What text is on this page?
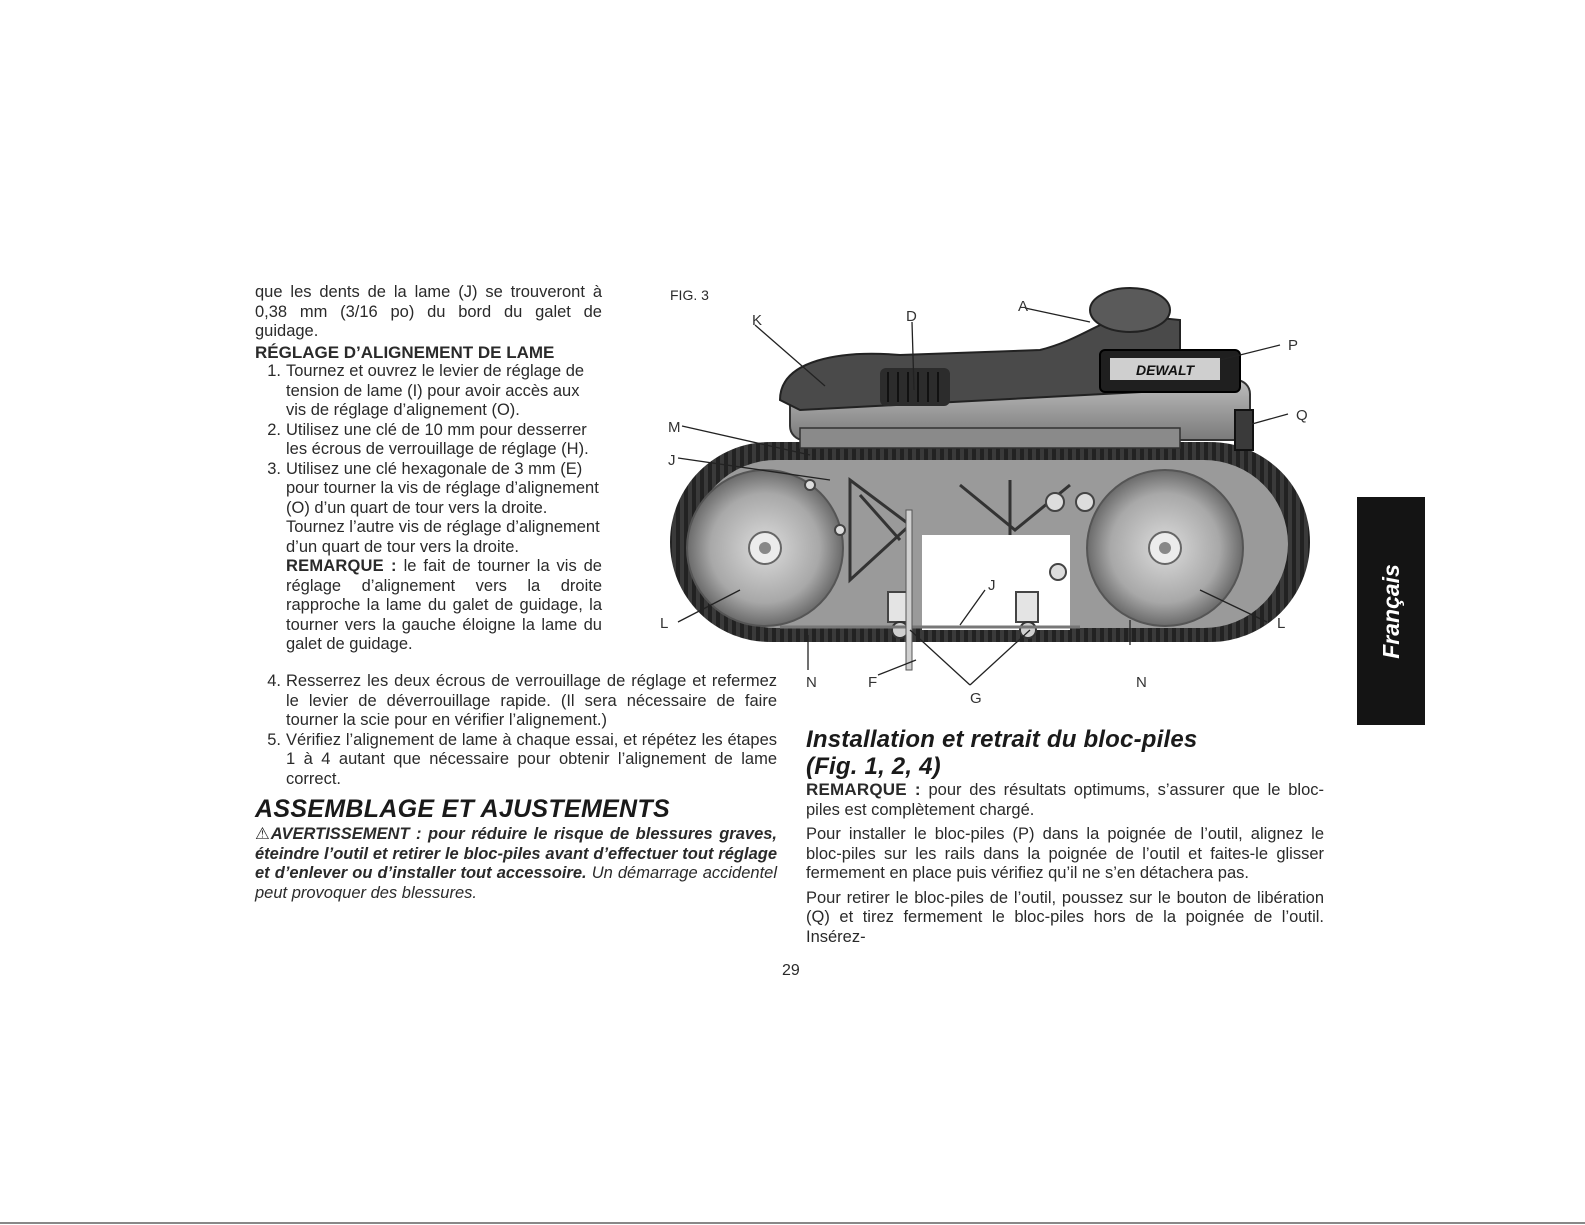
que les dents de la lame (J) se trouveront à 0,38 mm (3/16 po) du bord du galet de guidage.

RÉGLAGE D’ALIGNEMENT DE LAME

1. Tournez et ouvrez le levier de réglage de tension de lame (I) pour avoir accès aux vis de réglage d’alignement (O).
2. Utilisez une clé de 10 mm pour desserrer les écrous de verrouillage de réglage (H).
3. Utilisez une clé hexagonale de 3 mm (E) pour tourner la vis de réglage d’alignement (O) d’un quart de tour vers la droite. Tournez l’autre vis de réglage d’alignement d’un quart de tour vers la droite.

REMARQUE : le fait de tourner la vis de réglage d’alignement vers la droite rapproche la lame du galet de guidage, la tourner vers la gauche éloigne la lame du galet de guidage.

4. Resserrez les deux écrous de verrouillage de réglage et refermez le levier de déverrouillage rapide. (Il sera nécessaire de faire tourner la scie pour en vérifier l’alignement.)
5. Vérifiez l’alignement de lame à chaque essai, et répétez les étapes 1 à 4 autant que nécessaire pour obtenir l’alignement de lame correct.

ASSEMBLAGE ET AJUSTEMENTS

⚠AVERTISSEMENT : pour réduire le risque de blessures graves, éteindre l’outil et retirer le bloc-piles avant d’effectuer tout réglage et d’enlever ou d’installer tout accessoire. Un démarrage accidentel peut provoquer des blessures.

FIG. 3
DEWALT
K	D
A
P
Q
M
J
J
L	L
N	F	N
G
Installation et retrait du bloc-piles
(Fig. 1, 2, 4)

REMARQUE : pour des résultats optimums, s’assurer que le bloc-piles est complètement chargé.

Pour installer le bloc-piles (P) dans la poignée de l’outil, alignez le bloc-piles sur les rails dans la poignée de l’outil et faites-le glisser fermement en place puis vérifiez qu’il ne s’en détachera pas.

Pour retirer le bloc-piles de l’outil, poussez sur le bouton de libération (Q) et tirez fermement le bloc-piles hors de la poignée de l’outil. Insérez-

29
Français
